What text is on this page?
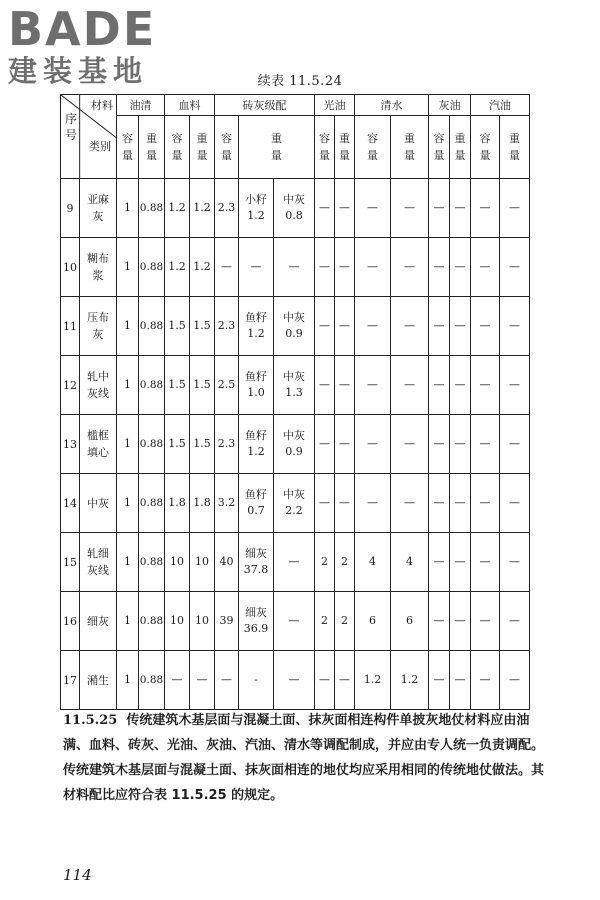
BADE
建装基地	续表 11.5.24
序号
材料
类别		油清		血料		砖灰级配			光油		清水		灰油		汽油	
		容量	重量	容量	重量	容量	重量		容量	重量	容量	重量	容量	重量	容量	重量
9	亚麻灰	1	0.88	1.2	1.2	2.3	小籽 1.2	中灰 0.8	—	—	—	—	—	—	—	—

10	糊布浆	1	0.88	1.2	1.2	—	—	—	—	—	—	—	—	—	—	—

11	压布灰	1	0.88	1.5	1.5	2.3	鱼籽 1.2	中灰 0.9	—	—	—	—	—	—	—	—

12	轧中灰线	1	0.88	1.5	1.5	2.5	鱼籽 1.0	中灰 1.3	—	—	—	—	—	—	—	—

13	槛框填心	1	0.88	1.5	1.5	2.3	鱼籽 1.2	中灰 0.9	—	—	—	—	—	—	—	—

14	中灰	1	0.88	1.8	1.8	3.2	鱼籽 0.7	中灰 2.2	—	—	—	—	—	—	—	—

15	轧细灰线	1	0.88	10	10	40	细灰 37.8	—	2	2	4	4	—	—	—	—

16	细灰	1	0.88	10	10	39	细灰 36.9	—	2	2	6	6	—	—	—	—

17	潲生	1	0.88	—	—	—	-	—	—	—	1.2	1.2	—	—	—	—
11.5.25 传统建筑木基层面与混凝土面、抹灰面相连构件单披灰地仗材料应由油满、血料、砖灰、光油、灰油、汽油、清水等调配制成，并应由专人统一负责调配。传统建筑木基层面与混凝土面、抹灰面相连的地仗均应采用相同的传统地仗做法。其材料配比应符合表 11.5.25 的规定。
114
